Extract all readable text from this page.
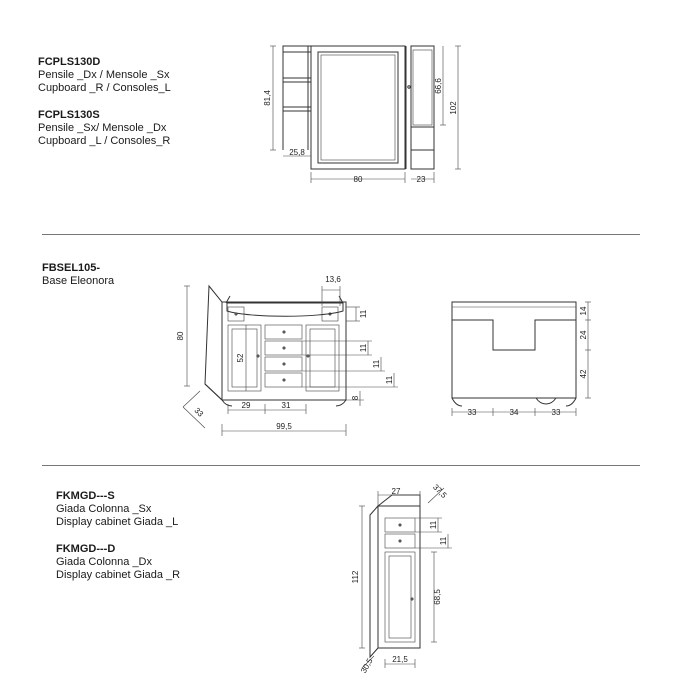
FCPLS130D
Pensile _Dx / Mensole _Sx
Cupboard _R / Consoles_L
FCPLS130S
Pensile _Sx/ Mensole _Dx
Cupboard _L / Consoles_R
FBSEL105-
Base Eleonora
FKMGD---S
Giada Colonna _Sx
Display cabinet Giada _L
FKMGD---D
Giada Colonna _Dx
Display cabinet Giada _R
81,4
25,8
80	23
66,6
102
80
52
33
29	31
99,5
13,6
11
11
11
11
8
33	34	33
14
24
42
27	37,5
11
11
112
68,5
30,5 21,5
